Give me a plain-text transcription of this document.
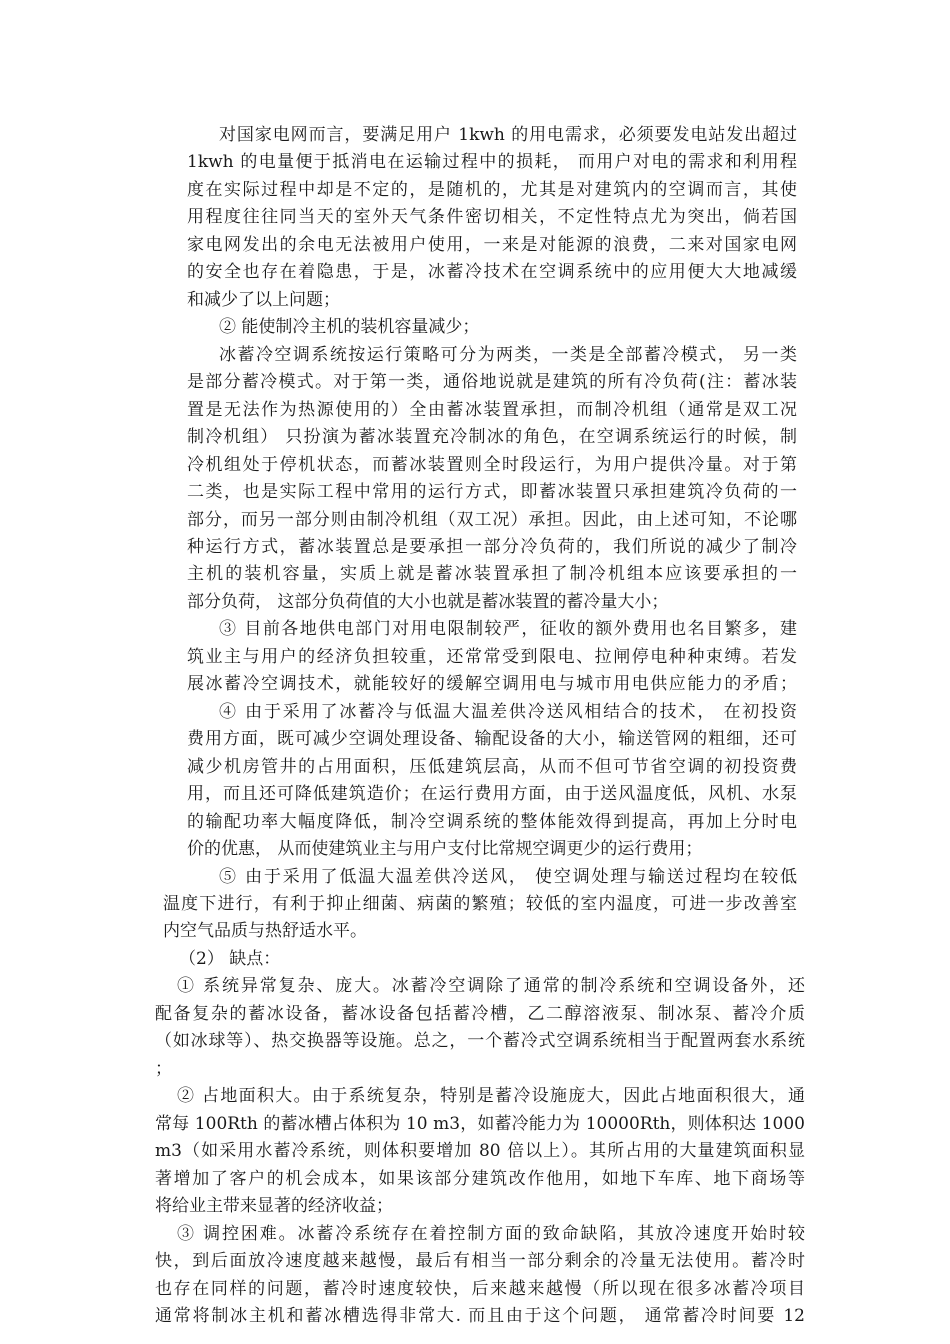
对国家电网而言，要满足用户 1kwh 的用电需求，必须要发电站发出超过
1kwh 的电量便于抵消电在运输过程中的损耗， 而用户对电的需求和利用程
度在实际过程中却是不定的，是随机的，尤其是对建筑内的空调而言，其使
用程度往往同当天的室外天气条件密切相关，不定性特点尤为突出，倘若国
家电网发出的余电无法被用户使用，一来是对能源的浪费，二来对国家电网
的安全也存在着隐患，于是，冰蓄冷技术在空调系统中的应用便大大地减缓
和减少了以上问题；
② 能使制冷主机的装机容量减少；
冰蓄冷空调系统按运行策略可分为两类，一类是全部蓄冷模式， 另一类
是部分蓄冷模式。对于第一类，通俗地说就是建筑的所有冷负荷(注：蓄冰装
置是无法作为热源使用的）全由蓄冰装置承担，而制冷机组（通常是双工况
制冷机组） 只扮演为蓄冰装置充冷制冰的角色，在空调系统运行的时候，制
冷机组处于停机状态，而蓄冰装置则全时段运行，为用户提供冷量。对于第
二类，也是实际工程中常用的运行方式，即蓄冰装置只承担建筑冷负荷的一
部分，而另一部分则由制冷机组（双工况）承担。因此，由上述可知，不论哪
种运行方式，蓄冰装置总是要承担一部分冷负荷的，我们所说的减少了制冷
主机的装机容量，实质上就是蓄冰装置承担了制冷机组本应该要承担的一
部分负荷， 这部分负荷值的大小也就是蓄冰装置的蓄冷量大小；
③ 目前各地供电部门对用电限制较严，征收的额外费用也名目繁多，建
筑业主与用户的经济负担较重，还常常受到限电、拉闸停电种种束缚。若发
展冰蓄冷空调技术，就能较好的缓解空调用电与城市用电供应能力的矛盾；
④ 由于采用了冰蓄冷与低温大温差供冷送风相结合的技术， 在初投资
费用方面，既可减少空调处理设备、输配设备的大小，输送管网的粗细，还可
减少机房管井的占用面积，压低建筑层高，从而不但可节省空调的初投资费
用，而且还可降低建筑造价；在运行费用方面，由于送风温度低，风机、水泵
的输配功率大幅度降低，制冷空调系统的整体能效得到提高，再加上分时电
价的优惠， 从而使建筑业主与用户支付比常规空调更少的运行费用；
⑤ 由于采用了低温大温差供冷送风， 使空调处理与输送过程均在较低
温度下进行，有利于抑止细菌、病菌的繁殖；较低的室内温度，可进一步改善室
内空气品质与热舒适水平。
（2） 缺点：
① 系统异常复杂、庞大。冰蓄冷空调除了通常的制冷系统和空调设备外，还
配备复杂的蓄冰设备，蓄冰设备包括蓄冷槽，乙二醇溶液泵、制冰泵、蓄冷介质
（如冰球等）、热交换器等设施。总之，一个蓄冷式空调系统相当于配置两套水系统
；
② 占地面积大。由于系统复杂，特别是蓄冷设施庞大，因此占地面积很大，通
常每 100Rth 的蓄冰槽占体积为 10 m3，如蓄冷能力为 10000Rth，则体积达 1000
m3（如采用水蓄冷系统，则体积要增加 80 倍以上）。其所占用的大量建筑面积显
著增加了客户的机会成本，如果该部分建筑改作他用，如地下车库、地下商场等
将给业主带来显著的经济收益；
③ 调控困难。冰蓄冷系统存在着控制方面的致命缺陷，其放冷速度开始时较
快，到后面放冷速度越来越慢，最后有相当一部分剩余的冷量无法使用。蓄冷时
也存在同样的问题，蓄冷时速度较快，后来越来越慢（所以现在很多冰蓄冷项目
通常将制冰主机和蓄冰槽选得非常大. 而且由于这个问题， 通常蓄冷时间要 12
